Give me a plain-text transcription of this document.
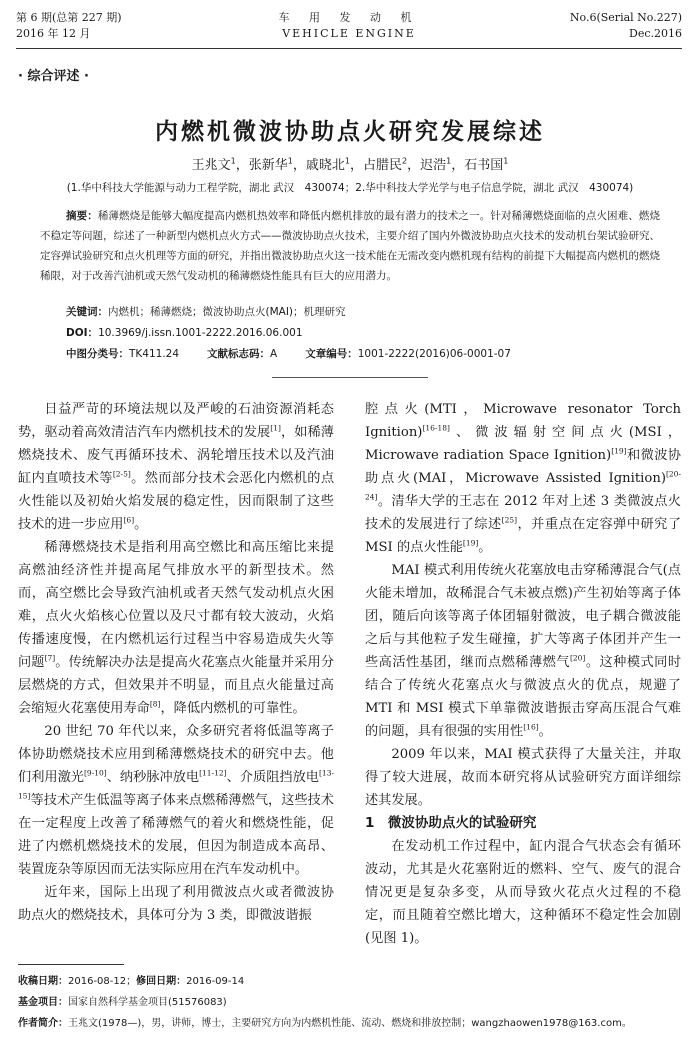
第 6 期(总第 227 期)
2016 年 12 月
车 用 发 动 机
VEHICLE ENGINE
No.6(Serial No.227)
Dec.2016
· 综合评述 ·
内燃机微波协助点火研究发展综述
王兆文$^1$，张新华$^1$，戚晓北$^1$，占腊民$^2$，迟浩$^1$，石书国$^1$
(1.华中科技大学能源与动力工程学院，湖北 武汉　430074；2.华中科技大学光学与电子信息学院，湖北 武汉　430074)
摘要：稀薄燃烧是能够大幅度提高内燃机热效率和降低内燃机排放的最有潜力的技术之一。针对稀薄燃烧面临的点火困难、燃烧不稳定等问题，综述了一种新型内燃机点火方式——微波协助点火技术，主要介绍了国内外微波协助点火技术的发动机台架试验研究、定容弹试验研究和点火机理等方面的研究，并指出微波协助点火这一技术能在无需改变内燃机现有结构的前提下大幅提高内燃机的燃烧稀限，对于改善汽油机或天然气发动机的稀薄燃烧性能具有巨大的应用潜力。
关键词：内燃机；稀薄燃烧；微波协助点火(MAI)；机理研究
DOI：10.3969/j.issn.1001-2222.2016.06.001
中图分类号：TK411.24	文献标志码：A	文章编号：1001-2222(2016)06-0001-07

日益严苛的环境法规以及严峻的石油资源消耗态势，驱动着高效清洁汽车内燃机技术的发展[1]，如稀薄燃烧技术、废气再循环技术、涡轮增压技术以及汽油缸内直喷技术等[2-5]。然而部分技术会恶化内燃机的点火性能以及初始火焰发展的稳定性，因而限制了这些技术的进一步应用[6]。

稀薄燃烧技术是指利用高空燃比和高压缩比来提高燃油经济性并提高尾气排放水平的新型技术。然而，高空燃比会导致汽油机或者天然气发动机点火困难，点火火焰核心位置以及尺寸都有较大波动，火焰传播速度慢，在内燃机运行过程当中容易造成失火等问题[7]。传统解决办法是提高火花塞点火能量并采用分层燃烧的方式，但效果并不明显，而且点火能量过高会缩短火花塞使用寿命[8]，降低内燃机的可靠性。

20 世纪 70 年代以来，众多研究者将低温等离子体协助燃烧技术应用到稀薄燃烧技术的研究中去。他们利用激光[9-10]、纳秒脉冲放电[11-12]、介质阻挡放电[13-15]等技术产生低温等离子体来点燃稀薄燃气，这些技术在一定程度上改善了稀薄燃气的着火和燃烧性能，促进了内燃机燃烧技术的发展，但因为制造成本高昂、装置庞杂等原因而无法实际应用在汽车发动机中。

近年来，国际上出现了利用微波点火或者微波协助点火的燃烧技术，具体可分为 3 类，即微波谐振

腔点火(MTI，Microwave resonator Torch Ignition)[16-18]、微波辐射空间点火(MSI，Microwave radiation Space Ignition)[19]和微波协助点火(MAI，Microwave Assisted Ignition)[20-24]。清华大学的王志在 2012 年对上述 3 类微波点火技术的发展进行了综述[25]，并重点在定容弹中研究了 MSI 的点火性能[19]。

MAI 模式利用传统火花塞放电击穿稀薄混合气(点火能未增加，故稀混合气未被点燃)产生初始等离子体团，随后向该等离子体团辐射微波，电子耦合微波能之后与其他粒子发生碰撞，扩大等离子体团并产生一些高活性基团，继而点燃稀薄燃气[20]。这种模式同时结合了传统火花塞点火与微波点火的优点，规避了 MTI 和 MSI 模式下单靠微波谐振击穿高压混合气难的问题，具有很强的实用性[16]。

2009 年以来，MAI 模式获得了大量关注，并取得了较大进展，故而本研究将从试验研究方面详细综述其发展。

1　微波协助点火的试验研究

在发动机工作过程中，缸内混合气状态会有循环波动，尤其是火花塞附近的燃料、空气、废气的混合情况更是复杂多变，从而导致火花点火过程的不稳定，而且随着空燃比增大，这种循环不稳定性会加剧(见图 1)。

收稿日期：2016-08-12；修回日期：2016-09-14
基金项目：国家自然科学基金项目(51576083)
作者简介：王兆文(1978—)，男，讲师，博士，主要研究方向为内燃机性能、流动、燃烧和排放控制；wangzhaowen1978@163.com。
